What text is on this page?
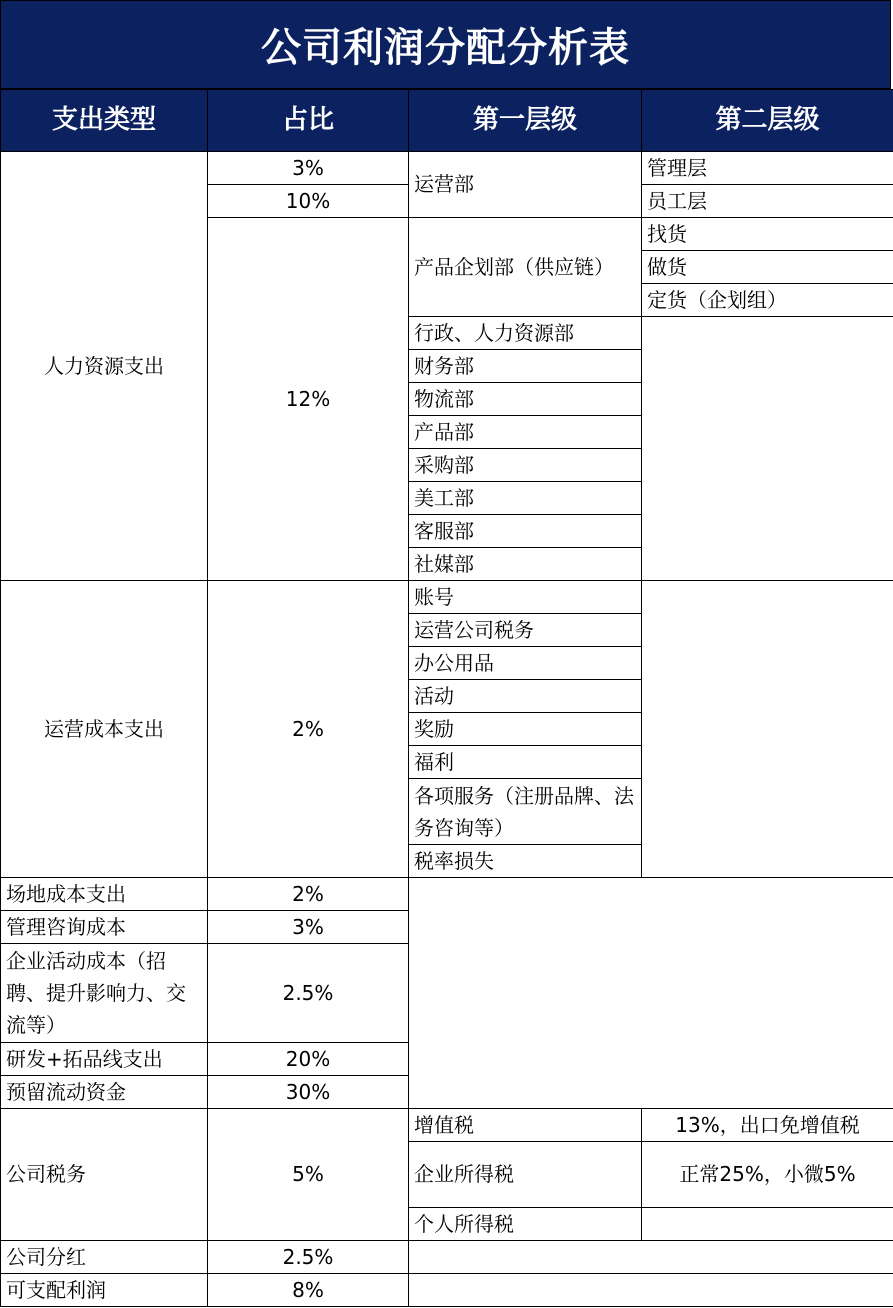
公司利润分配分析表
支出类型	占比	第一层级	第二层级
人力资源支出	3%	运营部	管理层
	10%		员工层
	12%	产品企划部（供应链）	找货
			做货
			定货（企划组）
		行政、人力资源部	
		财务部	
		物流部	
		产品部	
		采购部	
		美工部	
		客服部	
		社媒部	
运营成本支出	2%	账号	
		运营公司税务	
		办公用品	
		活动	
		奖励	
		福利	
		各项服务（注册品牌、法务咨询等）	
		税率损失	
场地成本支出	2%		
管理咨询成本	3%		
企业活动成本（招聘、提升影响力、交流等）	2.5%		
研发+拓品线支出	20%		
预留流动资金	30%		
公司税务	5%	增值税	13%，出口免增值税
		企业所得税	正常25%，小微5%
		个人所得税	
公司分红	2.5%		
可支配利润	8%		
